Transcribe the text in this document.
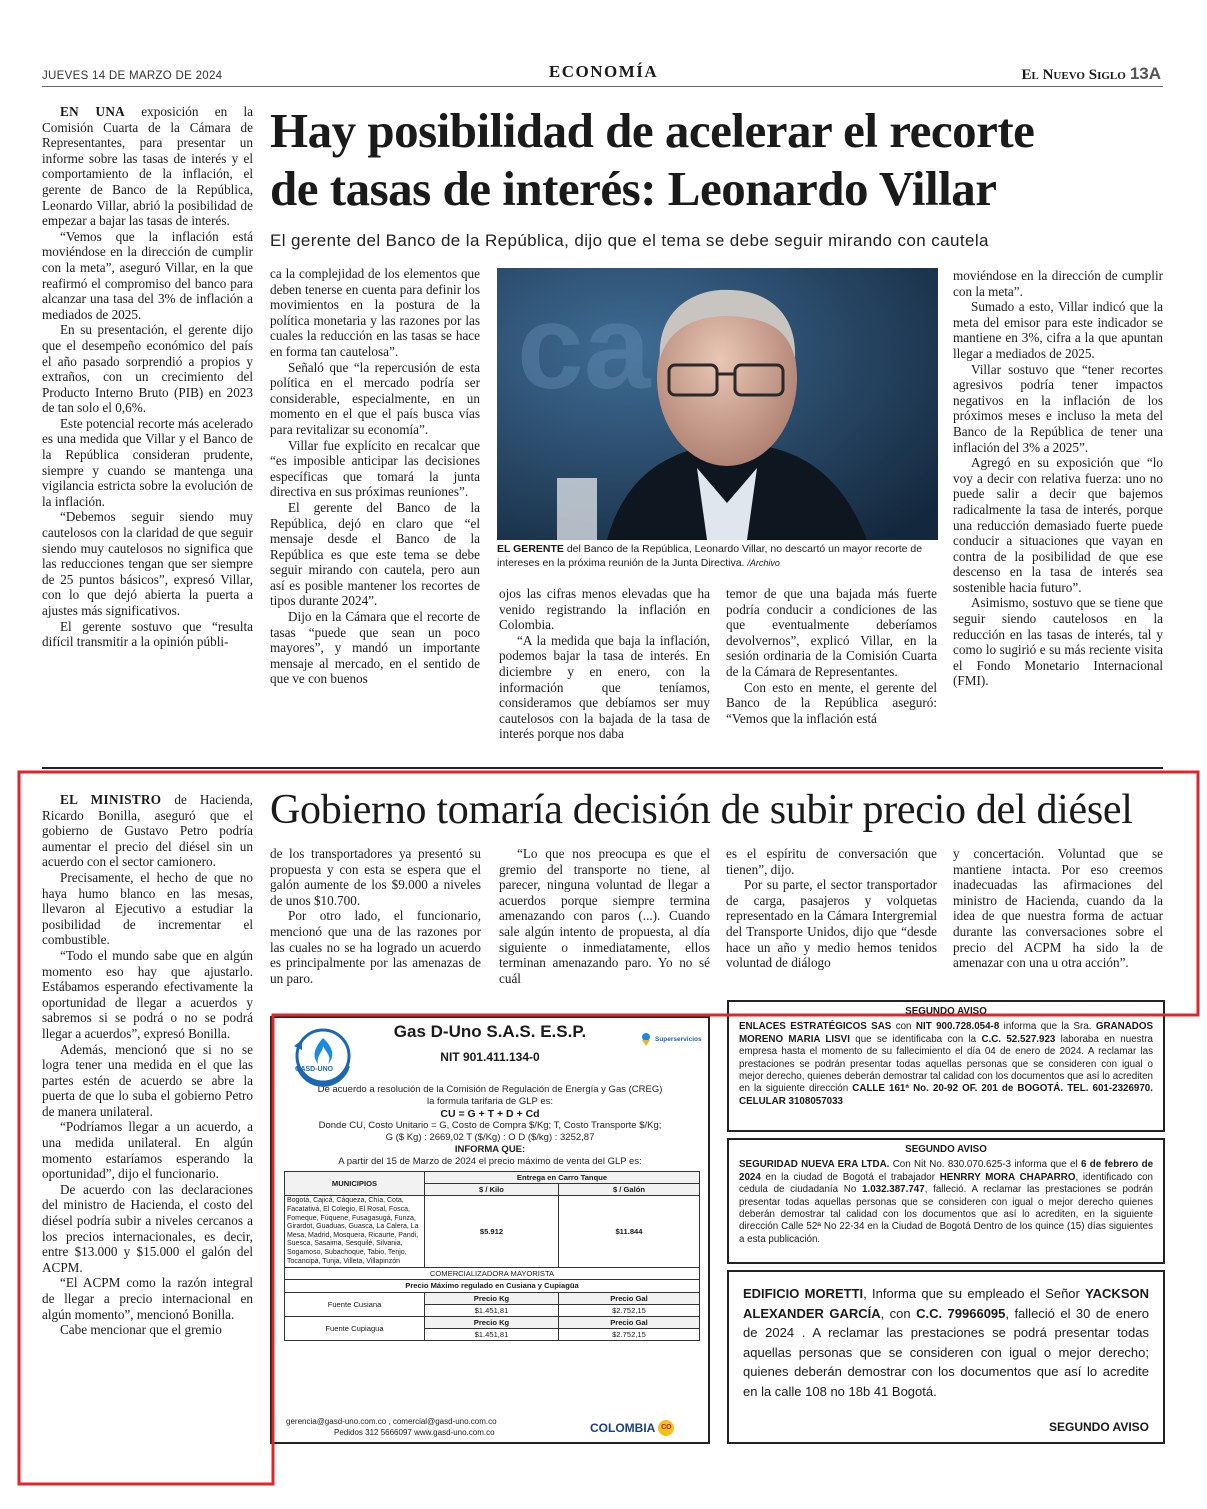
JUEVES 14 DE MARZO DE 2024	ECONOMÍA	El Nuevo Siglo 13A

EN UNA exposición en la Comisión Cuarta de la Cámara de Representantes, para presentar un informe sobre las tasas de interés y el comportamiento de la inflación, el gerente de Banco de la República, Leonardo Villar, abrió la posibilidad de empezar a bajar las tasas de interés.

“Vemos que la inflación está moviéndose en la dirección de cumplir con la meta”, aseguró Villar, en la que reafirmó el compromiso del banco para alcanzar una tasa del 3% de inflación a mediados de 2025.

En su presentación, el gerente dijo que el desempeño económico del país el año pasado sorprendió a propios y extraños, con un crecimiento del Producto Interno Bruto (PIB) en 2023 de tan solo el 0,6%.

Este potencial recorte más acelerado es una medida que Villar y el Banco de la República consideran prudente, siempre y cuando se mantenga una vigilancia estricta sobre la evolución de la inflación.

“Debemos seguir siendo muy cautelosos con la claridad de que seguir siendo muy cautelosos no significa que las reducciones tengan que ser siempre de 25 puntos básicos”, expresó Villar, con lo que dejó abierta la puerta a ajustes más significativos.

El gerente sostuvo que “resulta difícil transmitir a la opinión públi-

Hay posibilidad de acelerar el recorte
de tasas de interés: Leonardo Villar
El gerente del Banco de la República, dijo que el tema se debe seguir mirando con cautela

ca la complejidad de los elementos que deben tenerse en cuenta para definir los movimientos en la postura de la política monetaria y las razones por las cuales la reducción en las tasas se hace en forma tan cautelosa”.

Señaló que “la repercusión de esta política en el mercado podría ser considerable, especialmente, en un momento en el que el país busca vías para revitalizar su economía”.

Villar fue explícito en recalcar que “es imposible anticipar las decisiones específicas que tomará la junta directiva en sus próximas reuniones”.

El gerente del Banco de la República, dejó en claro que “el mensaje desde el Banco de la República es que este tema se debe seguir mirando con cautela, pero aun así es posible mantener los recortes de tipos durante 2024”.

Dijo en la Cámara que el recorte de tasas “puede que sean un poco mayores”, y mandó un importante mensaje al mercado, en el sentido de que ve con buenos

ca
EL GERENTE del Banco de la República, Leonardo Villar, no descartó un mayor recorte de intereses en la próxima reunión de la Junta Directiva. /Archivo

ojos las cifras menos elevadas que ha venido registrando la inflación en Colombia.

“A la medida que baja la inflación, podemos bajar la tasa de interés. En diciembre y en enero, con la información que teníamos, consideramos que debíamos ser muy cautelosos con la bajada de la tasa de interés porque nos daba

temor de que una bajada más fuerte podría conducir a condiciones de las que eventualmente deberíamos devolvernos”, explicó Villar, en la sesión ordinaria de la Comisión Cuarta de la Cámara de Representantes.

Con esto en mente, el gerente del Banco de la República aseguró: “Vemos que la inflación está

moviéndose en la dirección de cumplir con la meta”.

Sumado a esto, Villar indicó que la meta del emisor para este indicador se mantiene en 3%, cifra a la que apuntan llegar a mediados de 2025.

Villar sostuvo que “tener recortes agresivos podría tener impactos negativos en la inflación de los próximos meses e incluso la meta del Banco de la República de tener una inflación del 3% a 2025”.

Agregó en su exposición que “lo voy a decir con relativa fuerza: uno no puede salir a decir que bajemos radicalmente la tasa de interés, porque una reducción demasiado fuerte puede conducir a situaciones que vayan en contra de la posibilidad de que ese descenso en la tasa de interés sea sostenible hacia futuro”.

Asimismo, sostuvo que se tiene que seguir siendo cautelosos en la reducción en las tasas de interés, tal y como lo sugirió e su más reciente visita el Fondo Monetario Internacional (FMI).

EL MINISTRO de Hacienda, Ricardo Bonilla, aseguró que el gobierno de Gustavo Petro podría aumentar el precio del diésel sin un acuerdo con el sector camionero.

Precisamente, el hecho de que no haya humo blanco en las mesas, llevaron al Ejecutivo a estudiar la posibilidad de incrementar el combustible.

“Todo el mundo sabe que en algún momento eso hay que ajustarlo. Estábamos esperando efectivamente la oportunidad de llegar a acuerdos y sabremos si se podrá o no se podrá llegar a acuerdos”, expresó Bonilla.

Además, mencionó que si no se logra tener una medida en el que las partes estén de acuerdo se abre la puerta de que lo suba el gobierno Petro de manera unilateral.

“Podríamos llegar a un acuerdo, a una medida unilateral. En algún momento estaríamos esperando la oportunidad”, dijo el funcionario.

De acuerdo con las declaraciones del ministro de Hacienda, el costo del diésel podría subir a niveles cercanos a los precios internacionales, es decir, entre $13.000 y $15.000 el galón del ACPM.

“El ACPM como la razón integral de llegar a precio internacional en algún momento”, mencionó Bonilla.

Cabe mencionar que el gremio

Gobierno tomaría decisión de subir precio del diésel

de los transportadores ya presentó su propuesta y con esta se espera que el galón aumente de los $9.000 a niveles de unos $10.700.

Por otro lado, el funcionario, mencionó que una de las razones por las cuales no se ha logrado un acuerdo es principalmente por las amenazas de un paro.

“Lo que nos preocupa es que el gremio del transporte no tiene, al parecer, ninguna voluntad de llegar a acuerdos porque siempre termina amenazando con paros (...). Cuando sale algún intento de propuesta, al día siguiente o inmediatamente, ellos terminan amenazando paro. Yo no sé cuál

es el espíritu de conversación que tienen”, dijo.

Por su parte, el sector transportador de carga, pasajeros y volquetas representado en la Cámara Intergremial del Transporte Unidos, dijo que “desde hace un año y medio hemos tenidos voluntad de diálogo

y concertación. Voluntad que se mantiene intacta. Por eso creemos inadecuadas las afirmaciones del ministro de Hacienda, cuando da la idea de que nuestra forma de actuar durante las conversaciones sobre el precio del ACPM ha sido la de amenazar con una u otra acción”.

GASD-UNO
Superservicios
Gas D-Uno S.A.S. E.S.P.
NIT 901.411.134-0
De acuerdo a resolución de la Comisión de Regulación de Energía y Gas (CREG)
la formula tarifaria de GLP es:
CU = G + T + D + Cd
Donde CU, Costo Unitario = G, Costo de Compra $/Kg; T, Costo Transporte $/Kg;
G ($ Kg) : 2669,02 T ($/Kg) : O D ($/kg) : 3252,87
INFORMA QUE:
A partir del 15 de Marzo de 2024 el precio máximo de venta del GLP es:
MUNICIPIOS	Entrega en Carro Tanque	
	$ / Kilo	$ / Galón
Bogotá, Cajicá, Cáqueza, Chía, Cota, Facatativá, El Colegio, El Rosal, Fosca, Fomeque, Fúquene, Fusagasugá, Funza, Girardot, Guaduas, Guasca, La Calera, La Mesa, Madrid, Mosquera, Ricaurte, Pandi, Suesca, Sasaima, Sesquilé, Silvania, Sogamoso, Subachoque, Tabio, Tenjo, Tocancipá, Tunja, Villeta, Villapinzón	$5.912	$11.844
COMERCIALIZADORA MAYORISTA		
Precio Máximo regulado en Cusiana y Cupiagüa		
Fuente Cusiana	Precio Kg	Precio Gal
	$1.451,81	$2.752,15
Fuente Cupiagua	Precio Kg	Precio Gal
	$1.451,81	$2.752,15
gerencia@gasd-uno.com.co , comercial@gasd-uno.com.co
Pedidos 312 5666097 www.gasd-uno.com.co	COLOMBIA CO
SEGUNDO AVISO
ENLACES ESTRATÉGICOS SAS con NIT 900.728.054-8 informa que la Sra. GRANADOS MORENO MARIA LISVI que se identificaba con la C.C. 52.527.923 laboraba en nuestra empresa hasta el momento de su fallecimiento el día 04 de enero de 2024. A reclamar las prestaciones se podrán presentar todas aquellas personas que se consideren con igual o mejor derecho, quienes deberán demostrar tal calidad con los documentos que así lo acrediten en la siguiente dirección CALLE 161ª No. 20-92 OF. 201 de BOGOTÁ. TEL. 601-2326970. CELULAR 3108057033
SEGUNDO AVISO
SEGURIDAD NUEVA ERA LTDA. Con Nit No. 830.070.625-3 informa que el 6 de febrero de 2024 en la ciudad de Bogotá el trabajador HENRRY MORA CHAPARRO, identificado con cedula de ciudadanía No 1.032.387.747, falleció. A reclamar las prestaciones se podrán presentar todas aquellas personas que se consideren con igual o mejor derecho quienes deberán demostrar tal calidad con los documentos que así lo acrediten, en la siguiente dirección Calle 52ª No 22-34 en la Ciudad de Bogotá Dentro de los quince (15) días siguientes a esta publicación.
EDIFICIO MORETTI, Informa que su empleado el Señor YACKSON ALEXANDER GARCÍA, con C.C. 79966095, falleció el 30 de enero de 2024 . A reclamar las prestaciones se podrá presentar todas aquellas personas que se consideren con igual o mejor derecho; quienes deberán demostrar con los documentos que así lo acredite en la calle 108 no 18b 41 Bogotá.
SEGUNDO AVISO
